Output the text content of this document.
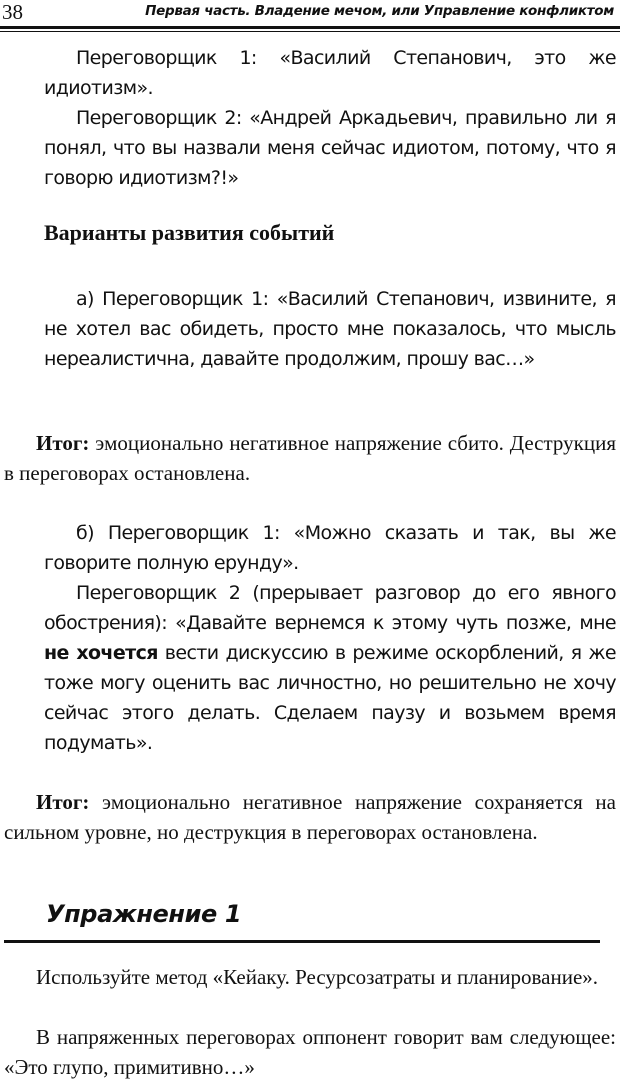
38	Первая часть. Владение мечом, или Управление конфликтом

Переговорщик 1: «Василий Степанович, это же идиотизм».

Переговорщик 2: «Андрей Аркадьевич, правильно ли я понял, что вы назвали меня сейчас идиотом, потому, что я говорю идиотизм?!»

Варианты развития событий

а) Переговорщик 1: «Василий Степанович, извините, я не хотел вас обидеть, просто мне показалось, что мысль нереалистична, давайте продолжим, прошу вас…»

Итог: эмоционально негативное напряжение сбито. Деструкция в переговорах остановлена.

б) Переговорщик 1: «Можно сказать и так, вы же говорите полную ерунду».

Переговорщик 2 (прерывает разговор до его явного обострения): «Давайте вернемся к этому чуть позже, мне не хочется вести дискуссию в режиме оскорблений, я же тоже могу оценить вас личностно, но решительно не хочу сейчас этого делать. Сделаем паузу и возьмем время подумать».

Итог: эмоционально негативное напряжение сохраняется на сильном уровне, но деструкция в переговорах остановлена.

Упражнение 1

Используйте метод «Кейаку. Ресурсозатраты и планирование».

В напряженных переговорах оппонент говорит вам следующее: «Это глупо, примитивно…»
